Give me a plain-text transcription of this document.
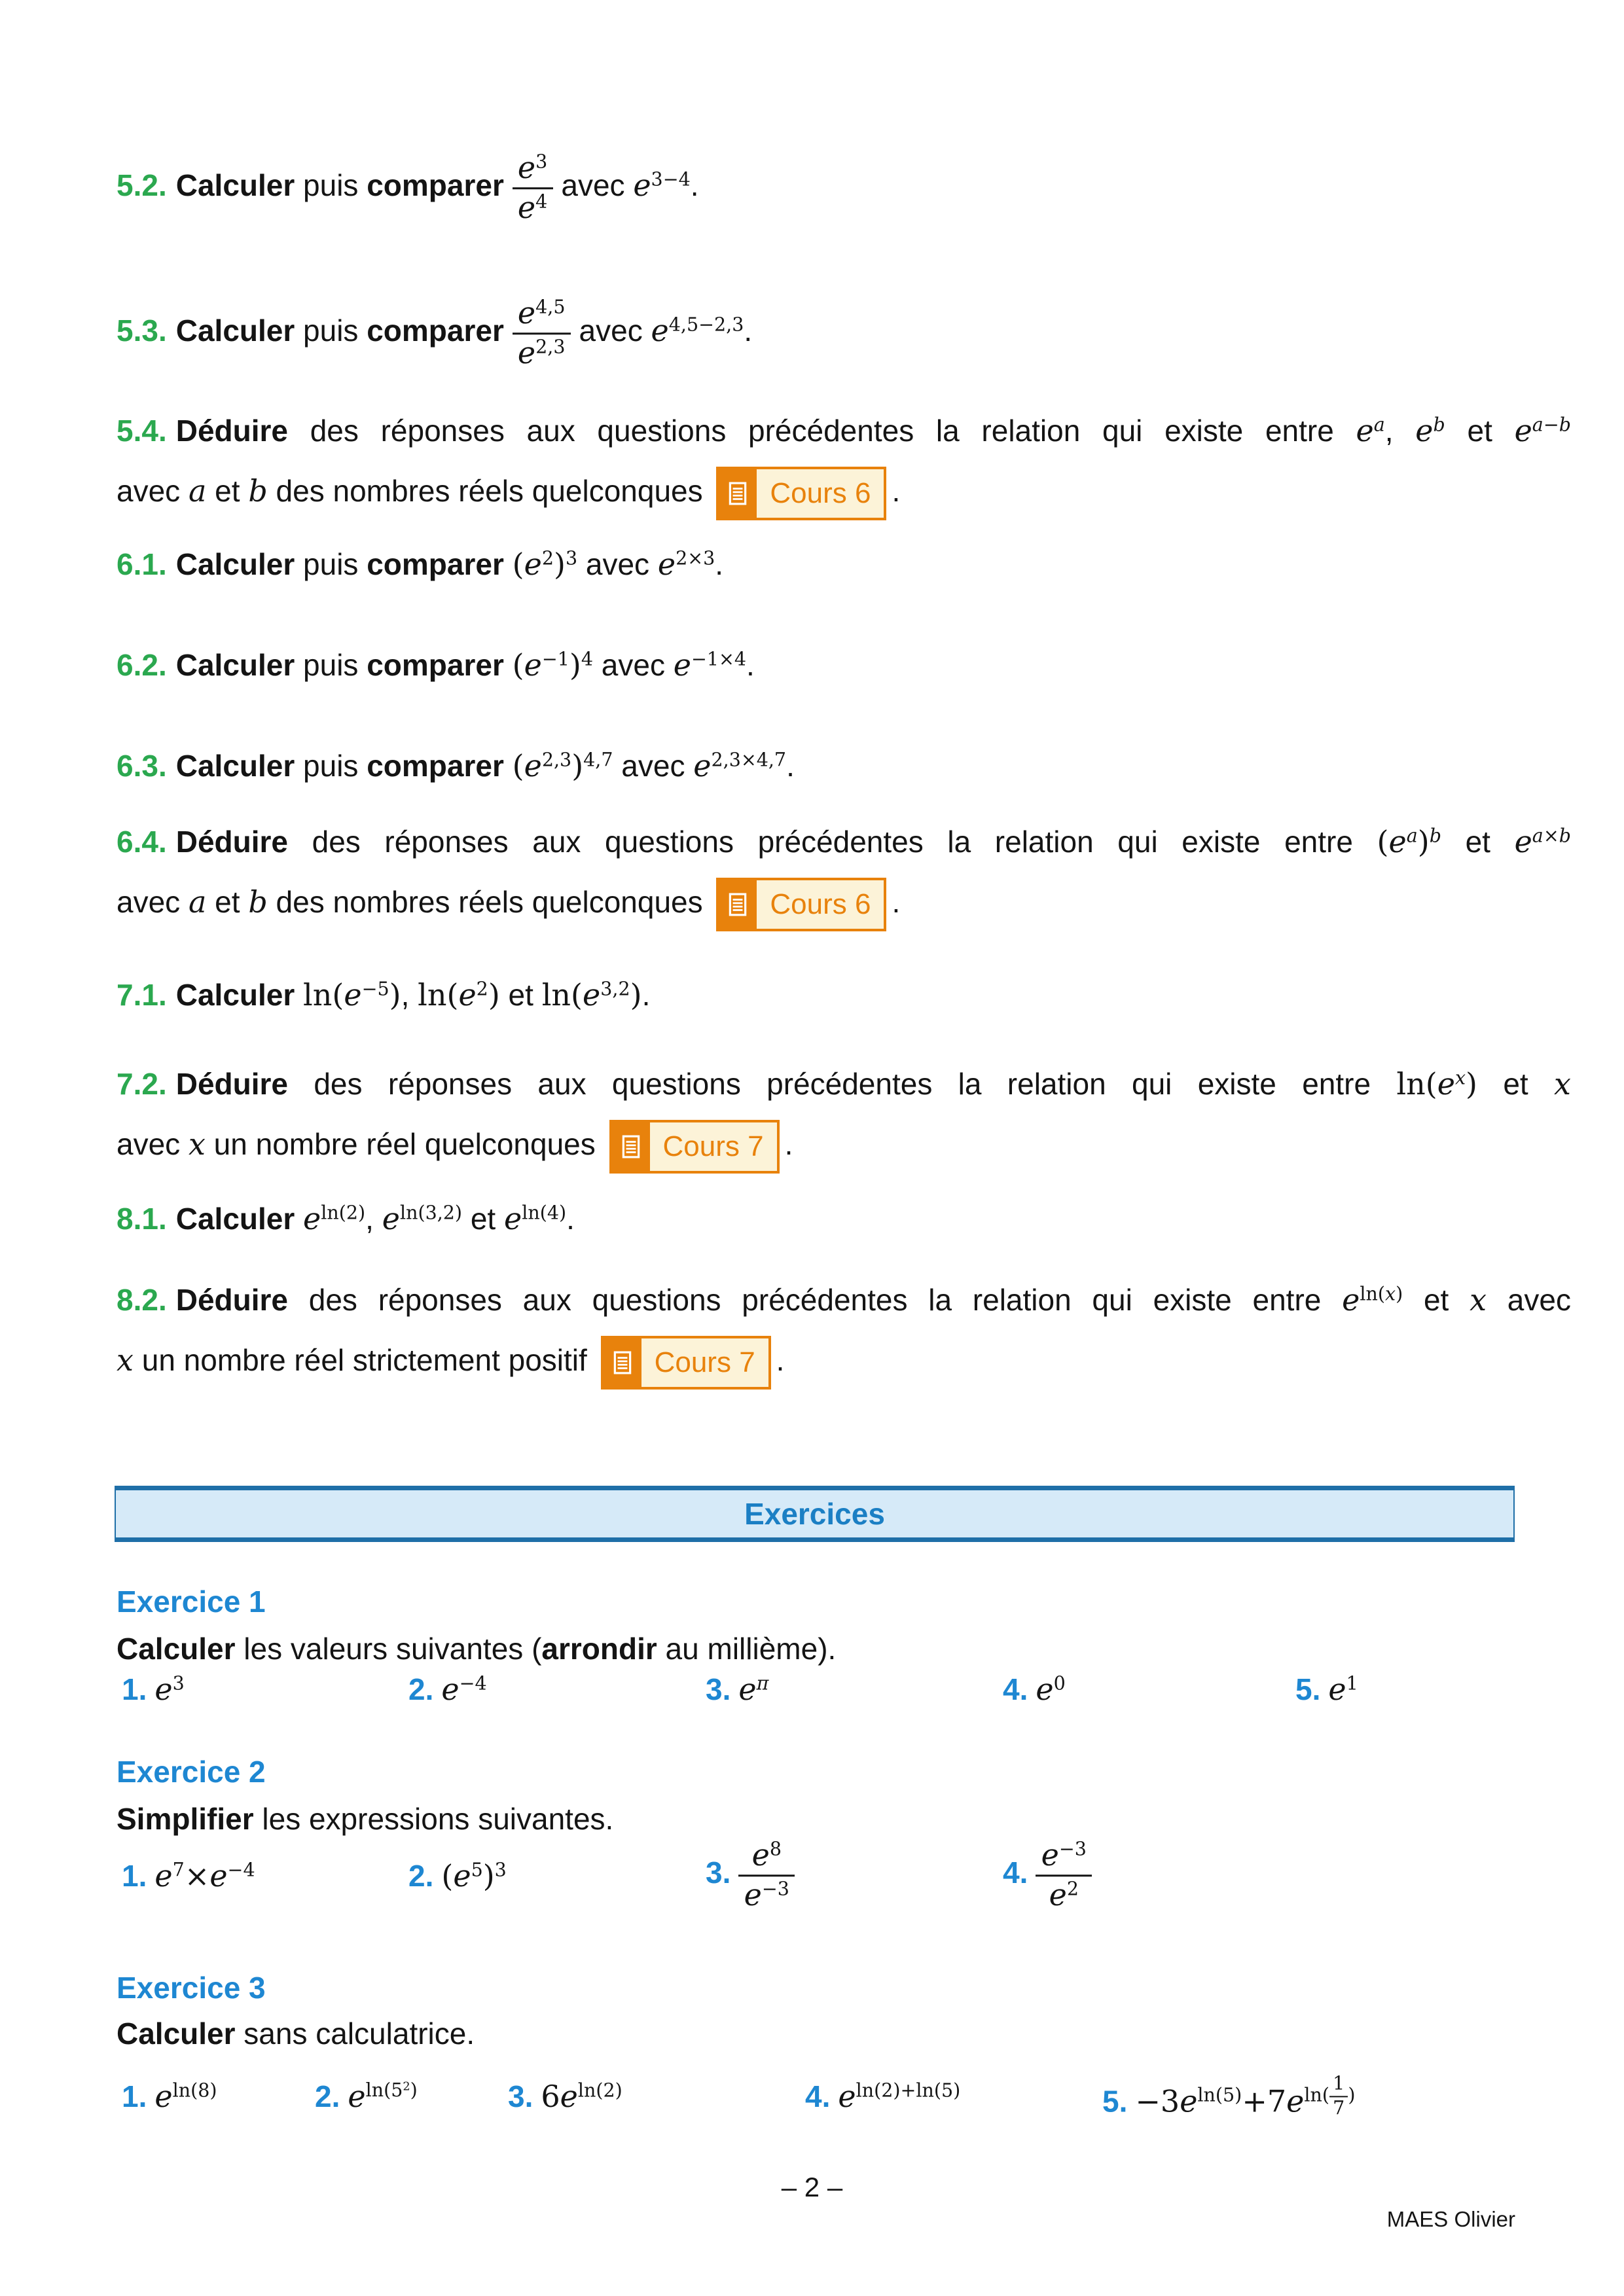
5.2. Calculer puis comparer $\frac{e^3}{e^4}$ avec $e^{3-4}$.
5.3. Calculer puis comparer $\frac{e^{4,5}}{e^{2,3}}$ avec $e^{4,5-2,3}$.
5.4. Déduire des réponses aux questions précédentes la relation qui existe entre $e^a$, $e^b$ et $e^{a-b}$
avec a et b des nombres réels quelconques	Cours 6 .
6.1. Calculer puis comparer $(e^2)^3$ avec $e^{2\times 3}$.
6.2. Calculer puis comparer $(e^{-1})^4$ avec $e^{-1\times 4}$.
6.3. Calculer puis comparer $(e^{2,3})^{4,7}$ avec $e^{2,3\times 4,7}$.
6.4. Déduire des réponses aux questions précédentes la relation qui existe entre $(e^a)^b$ et $e^{a\times b}$
avec a et b des nombres réels quelconques	Cours 6 .
7.1. Calculer $\ln(e^{-5})$, $\ln(e^2)$ et $\ln(e^{3,2})$.
7.2. Déduire des réponses aux questions précédentes la relation qui existe entre $\ln(e^x)$ et x
avec x un nombre réel quelconques	Cours 7 .
8.1. Calculer $e^{ln(2)}$, $e^{ln(3,2)}$ et $e^{ln(4)}$.
8.2. Déduire des réponses aux questions précédentes la relation qui existe entre $e^{ln(x)}$ et x avec
x un nombre réel strictement positif	Cours 7 .
Exercices
Exercice 1
Calculer les valeurs suivantes (arrondir au millième).
1. $e^3$	2. $e^{-4}$	3. $e^\pi$	4. $e^0$	5. $e^1$
Exercice 2
Simplifier les expressions suivantes.
1. $e^7\times e^{-4}$	2. $(e^5)^3$	3. $\frac{e^8}{e^{-3}}$	4. $\frac{e^{-3}}{e^2}$
Exercice 3
Calculer sans calculatrice.
1. $e^{ln(8)}$	2. $e^{ln(5^2)}$	3. $6e^{ln(2)}$	4. $e^{ln(2)+ln(5)}$	5. $-3e^{ln(5)}+7e^{ln( \frac{1}{7} )}$
– 2 –
MAES Olivier
